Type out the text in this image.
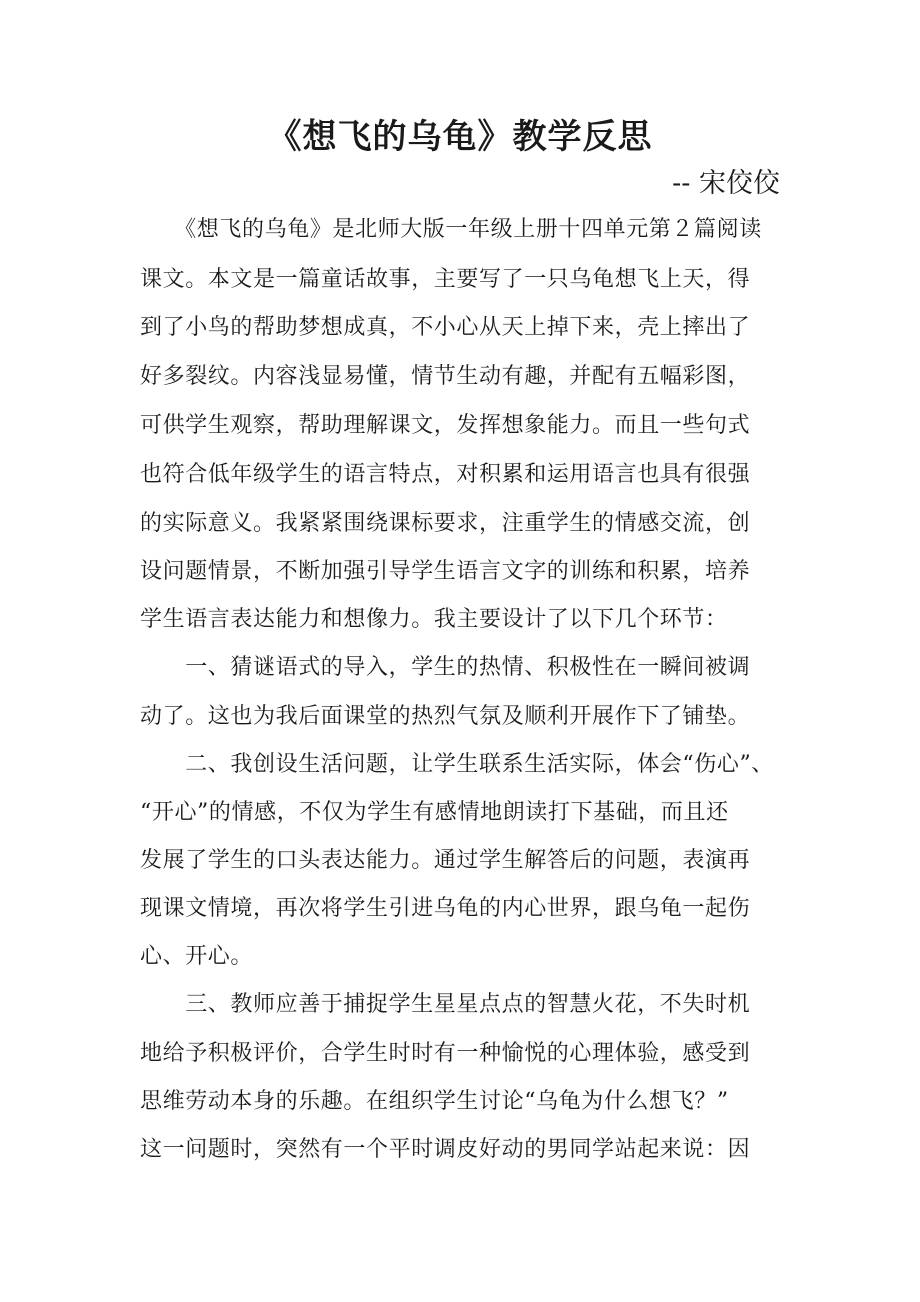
《想飞的乌龟》教学反思
-- 宋佼佼
　　《想飞的乌龟》是北师大版一年级上册十四单元第２篇阅读
课文。本文是一篇童话故事，主要写了一只乌龟想飞上天，得
到了小鸟的帮助梦想成真，不小心从天上掉下来，壳上摔出了
好多裂纹。内容浅显易懂，情节生动有趣，并配有五幅彩图，
可供学生观察，帮助理解课文，发挥想象能力。而且一些句式
也符合低年级学生的语言特点，对积累和运用语言也具有很强
的实际意义。我紧紧围绕课标要求，注重学生的情感交流，创
设问题情景，不断加强引导学生语言文字的训练和积累，培养
学生语言表达能力和想像力。我主要设计了以下几个环节：
　　一、猜谜语式的导入，学生的热情、积极性在一瞬间被调
动了。这也为我后面课堂的热烈气氛及顺利开展作下了铺垫。
　　二、我创设生活问题，让学生联系生活实际，体会“伤心”、
“开心”的情感，不仅为学生有感情地朗读打下基础，而且还
发展了学生的口头表达能力。通过学生解答后的问题，表演再
现课文情境，再次将学生引进乌龟的内心世界，跟乌龟一起伤
心、开心。
　　三、教师应善于捕捉学生星星点点的智慧火花，不失时机
地给予积极评价，合学生时时有一种愉悦的心理体验，感受到
思维劳动本身的乐趣。在组织学生讨论“乌龟为什么想飞？”
这一问题时，突然有一个平时调皮好动的男同学站起来说：因
